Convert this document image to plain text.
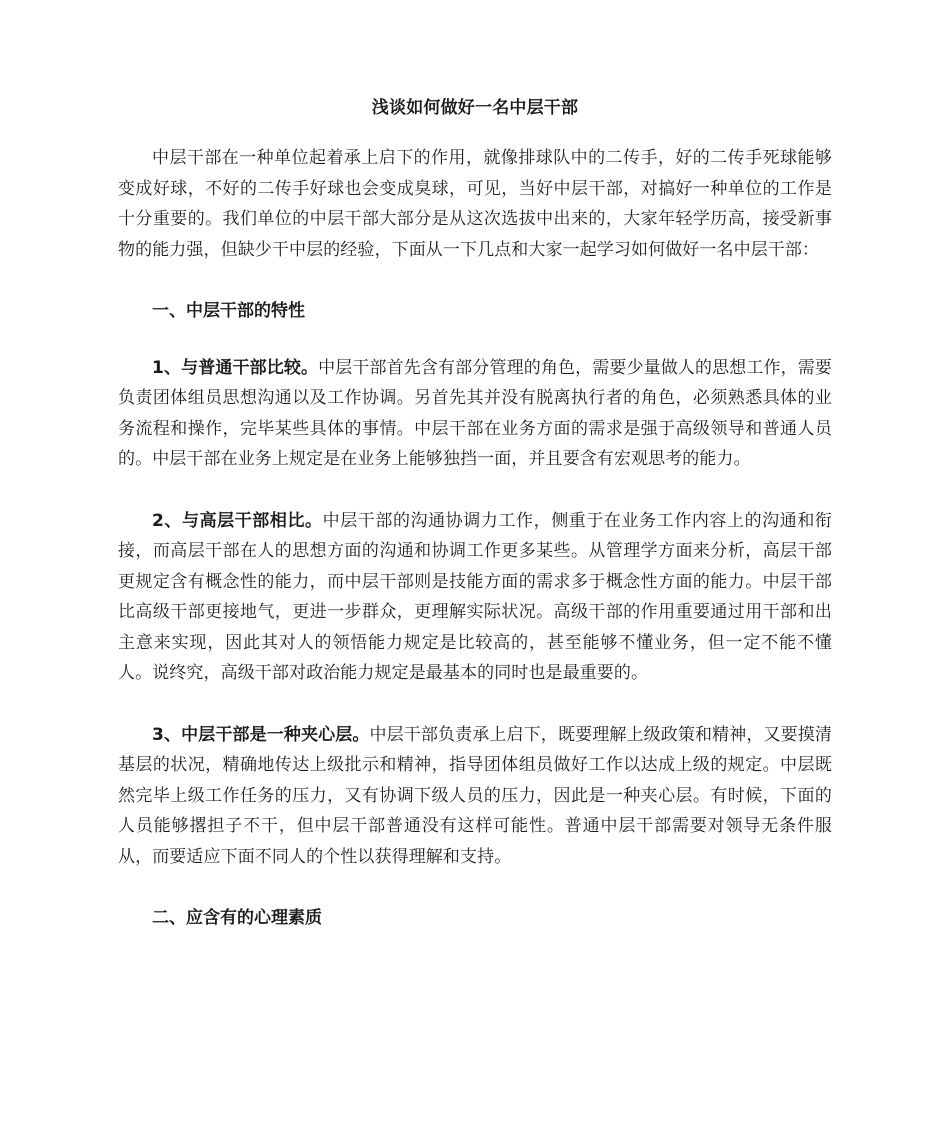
浅谈如何做好一名中层干部

中层干部在一种单位起着承上启下的作用，就像排球队中的二传手，好的二传手死球能够变成好球，不好的二传手好球也会变成臭球，可见，当好中层干部，对搞好一种单位的工作是十分重要的。我们单位的中层干部大部分是从这次选拔中出来的，大家年轻学历高，接受新事物的能力强，但缺少干中层的经验，下面从一下几点和大家一起学习如何做好一名中层干部：

一、中层干部的特性

1、与普通干部比较。中层干部首先含有部分管理的角色，需要少量做人的思想工作，需要负责团体组员思想沟通以及工作协调。另首先其并没有脱离执行者的角色，必须熟悉具体的业务流程和操作，完毕某些具体的事情。中层干部在业务方面的需求是强于高级领导和普通人员的。中层干部在业务上规定是在业务上能够独挡一面，并且要含有宏观思考的能力。

2、与高层干部相比。中层干部的沟通协调力工作，侧重于在业务工作内容上的沟通和衔接，而高层干部在人的思想方面的沟通和协调工作更多某些。从管理学方面来分析，高层干部更规定含有概念性的能力，而中层干部则是技能方面的需求多于概念性方面的能力。中层干部比高级干部更接地气，更进一步群众，更理解实际状况。高级干部的作用重要通过用干部和出主意来实现，因此其对人的领悟能力规定是比较高的，甚至能够不懂业务，但一定不能不懂人。说终究，高级干部对政治能力规定是最基本的同时也是最重要的。

3、中层干部是一种夹心层。中层干部负责承上启下，既要理解上级政策和精神，又要摸清基层的状况，精确地传达上级批示和精神，指导团体组员做好工作以达成上级的规定。中层既然完毕上级工作任务的压力，又有协调下级人员的压力，因此是一种夹心层。有时候，下面的人员能够撂担子不干，但中层干部普通没有这样可能性。普通中层干部需要对领导无条件服从，而要适应下面不同人的个性以获得理解和支持。

二、应含有的心理素质
